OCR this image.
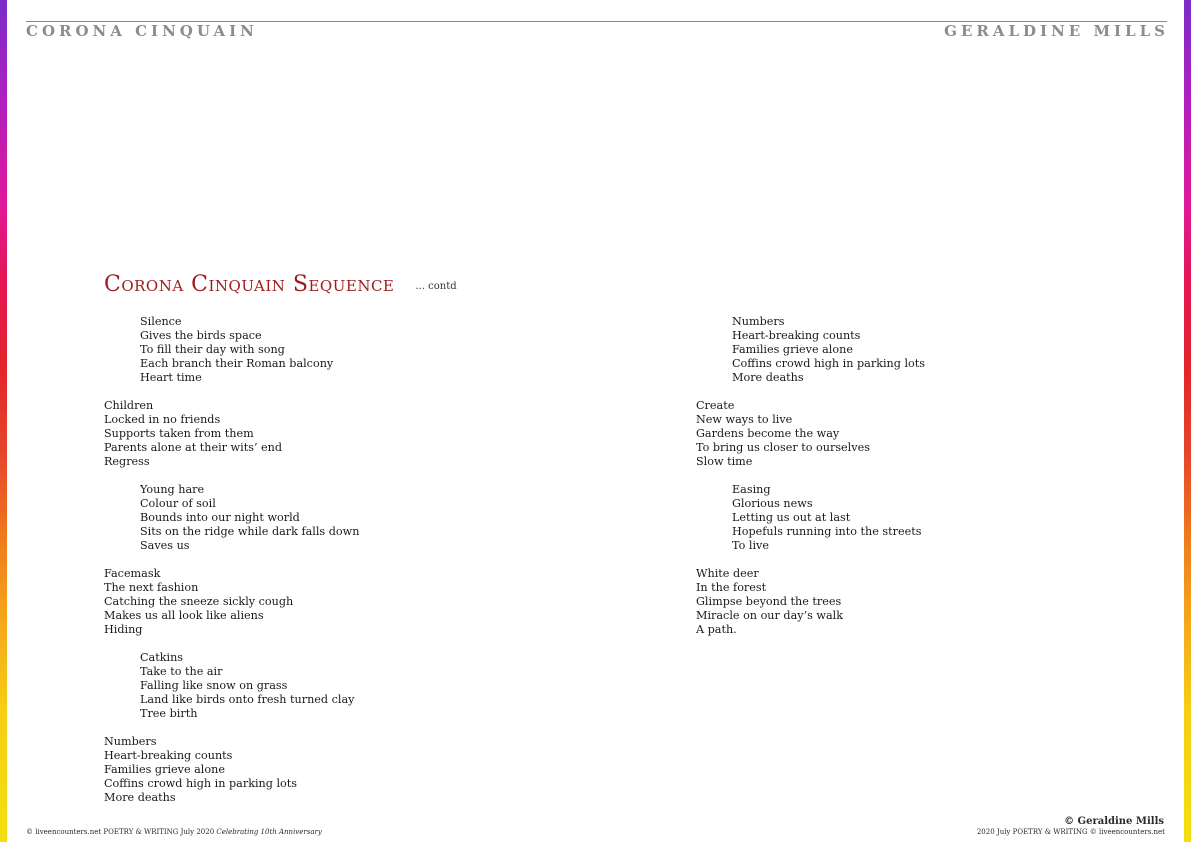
CORONA CINQUAIN	GERALDINE MILLS
Corona Cinquain Sequence ... contd
Silence
Gives the birds space
To fill their day with song
Each branch their Roman balcony
Heart time
Children
Locked in no friends
Supports taken from them
Parents alone at their wits’ end
Regress
Young hare
Colour of soil
Bounds into our night world
Sits on the ridge while dark falls down
Saves us
Facemask
The next fashion
Catching the sneeze sickly cough
Makes us all look like aliens
Hiding
Catkins
Take to the air
Falling like snow on grass
Land like birds onto fresh turned clay
Tree birth
Numbers
Heart-breaking counts
Families grieve alone
Coffins crowd high in parking lots
More deaths
Numbers
Heart-breaking counts
Families grieve alone
Coffins crowd high in parking lots
More deaths
Create
New ways to live
Gardens become the way
To bring us closer to ourselves
Slow time
Easing
Glorious news
Letting us out at last
Hopefuls running into the streets
To live
White deer
In the forest
Glimpse beyond the trees
Miracle on our day’s walk
A path.
© Geraldine Mills
© liveencounters.net POETRY & WRITING July 2020 Celebrating 10th Anniversary	2020 July POETRY & WRITING © liveencounters.net
